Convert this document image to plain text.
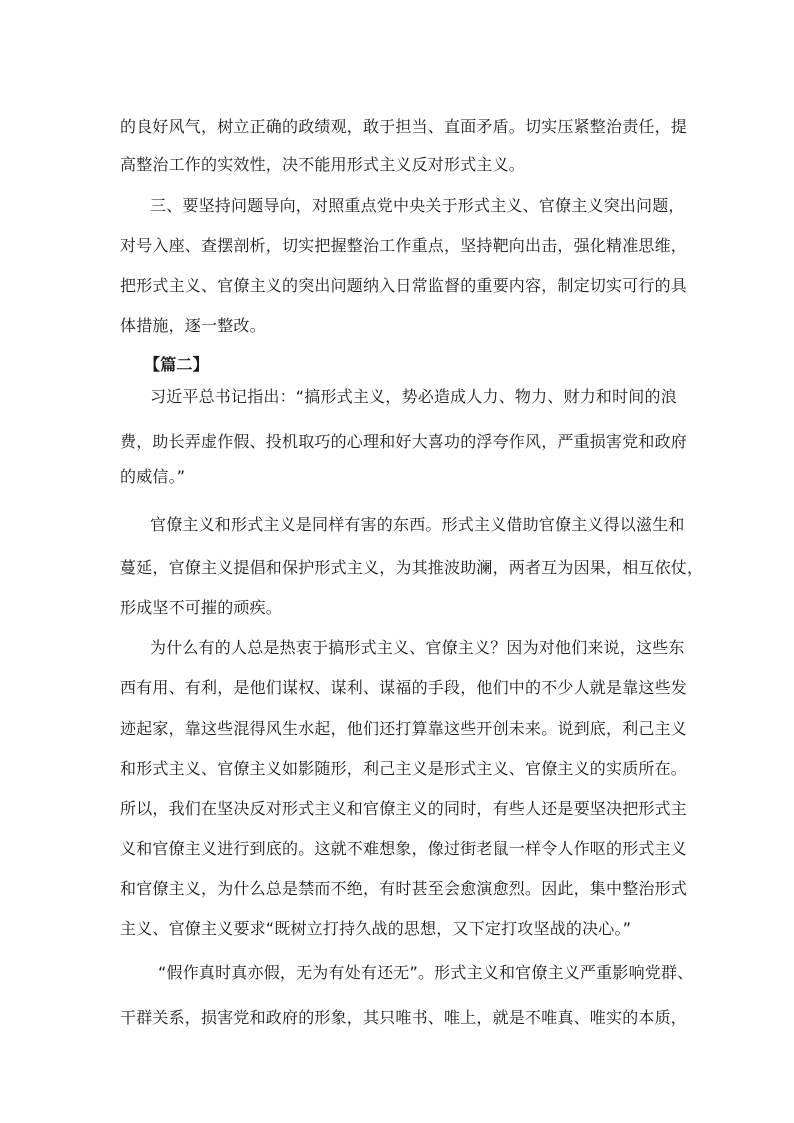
的良好风气，树立正确的政绩观，敢于担当、直面矛盾。切实压紧整治责任，提
高整治工作的实效性，决不能用形式主义反对形式主义。
三、要坚持问题导向，对照重点党中央关于形式主义、官僚主义突出问题，
对号入座、查摆剖析，切实把握整治工作重点，坚持靶向出击，强化精准思维，
把形式主义、官僚主义的突出问题纳入日常监督的重要内容，制定切实可行的具
体措施，逐一整改。
【篇二】
习近平总书记指出：“搞形式主义，势必造成人力、物力、财力和时间的浪
费，助长弄虚作假、投机取巧的心理和好大喜功的浮夸作风，严重损害党和政府
的威信。”
官僚主义和形式主义是同样有害的东西。形式主义借助官僚主义得以滋生和
蔓延，官僚主义提倡和保护形式主义，为其推波助澜，两者互为因果，相互依仗，
形成坚不可摧的顽疾。
为什么有的人总是热衷于搞形式主义、官僚主义？因为对他们来说，这些东
西有用、有利，是他们谋权、谋利、谋福的手段，他们中的不少人就是靠这些发
迹起家，靠这些混得风生水起，他们还打算靠这些开创未来。说到底，利己主义
和形式主义、官僚主义如影随形，利己主义是形式主义、官僚主义的实质所在。
所以，我们在坚决反对形式主义和官僚主义的同时，有些人还是要坚决把形式主
义和官僚主义进行到底的。这就不难想象，像过街老鼠一样令人作呕的形式主义
和官僚主义，为什么总是禁而不绝，有时甚至会愈演愈烈。因此，集中整治形式
主义、官僚主义要求“既树立打持久战的思想，又下定打攻坚战的决心。”
“假作真时真亦假，无为有处有还无”。形式主义和官僚主义严重影响党群、
干群关系，损害党和政府的形象，其只唯书、唯上，就是不唯真、唯实的本质，
